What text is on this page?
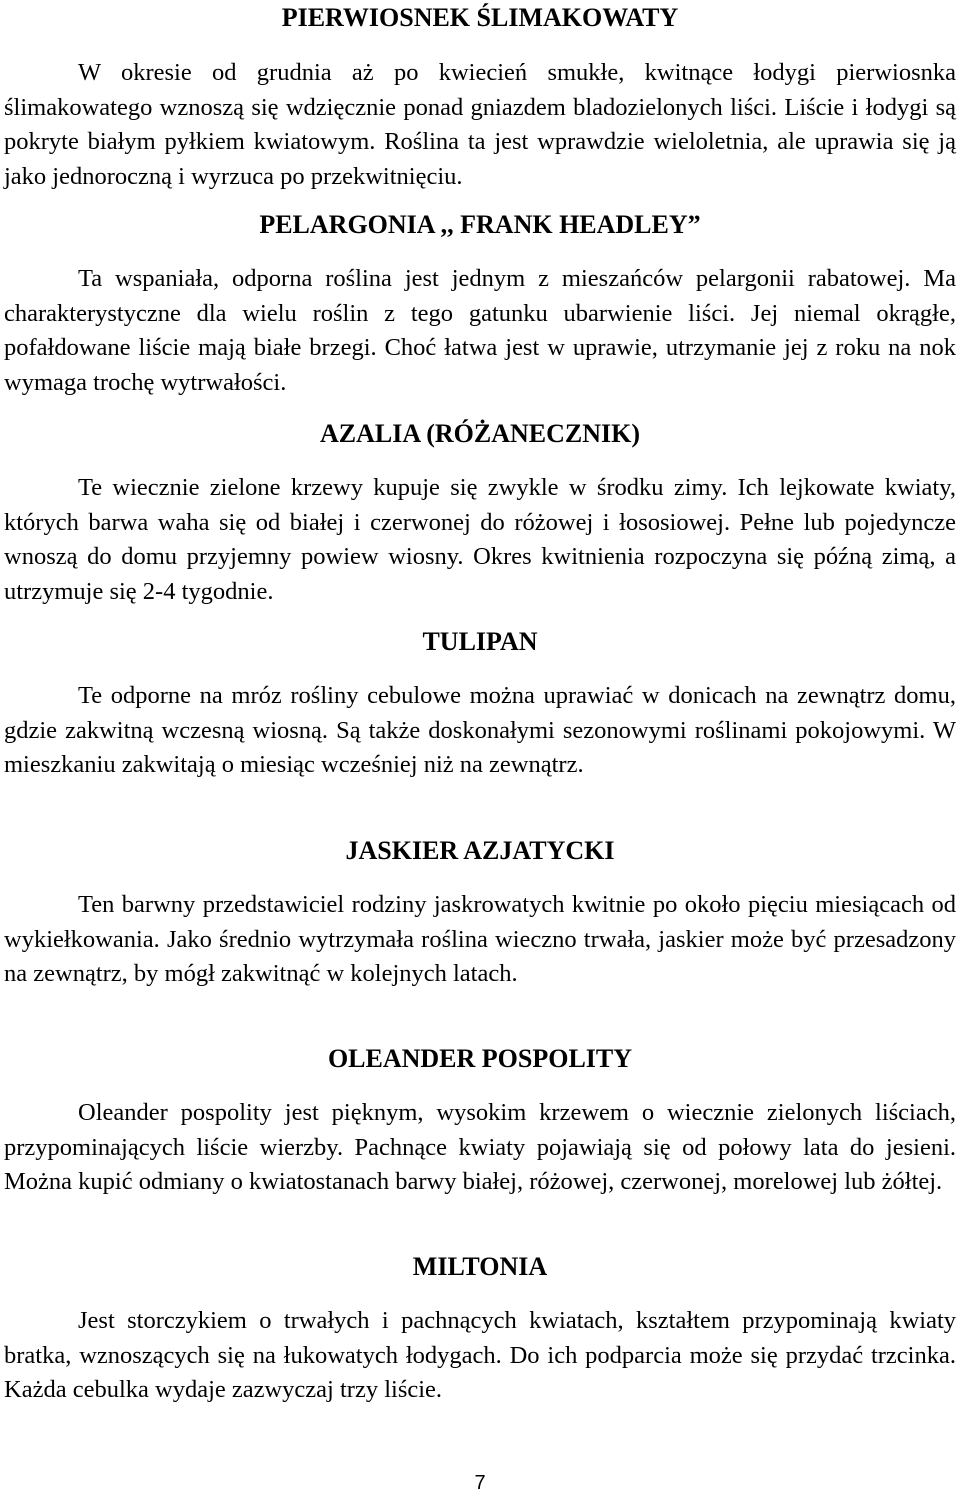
PIERWIOSNEK ŚLIMAKOWATY

W okresie od grudnia aż po kwiecień smukłe, kwitnące łodygi pierwiosnka ślimakowatego wznoszą się wdzięcznie ponad gniazdem bladozielonych liści. Liście i łodygi są pokryte białym pyłkiem kwiatowym. Roślina ta jest wprawdzie wieloletnia, ale uprawia się ją jako jednoroczną i wyrzuca po przekwitnięciu.

PELARGONIA ,, FRANK HEADLEY”

Ta wspaniała, odporna roślina jest jednym z mieszańców pelargonii rabatowej. Ma charakterystyczne dla wielu roślin z tego gatunku ubarwienie liści. Jej niemal okrągłe, pofałdowane liście mają białe brzegi. Choć łatwa jest w uprawie, utrzymanie jej z roku na nok wymaga trochę wytrwałości.

AZALIA (RÓŻANECZNIK)

Te wiecznie zielone krzewy kupuje się zwykle w środku zimy. Ich lejkowate kwiaty, których barwa waha się od białej i czerwonej do różowej i łososiowej. Pełne lub pojedyncze wnoszą do domu przyjemny powiew wiosny. Okres kwitnienia rozpoczyna się późną zimą, a utrzymuje się 2-4 tygodnie.

TULIPAN

Te odporne na mróz rośliny cebulowe można uprawiać w donicach na zewnątrz domu, gdzie zakwitną wczesną wiosną. Są także doskonałymi sezonowymi roślinami pokojowymi. W mieszkaniu zakwitają o miesiąc wcześniej niż na zewnątrz.

JASKIER AZJATYCKI

Ten barwny przedstawiciel rodziny jaskrowatych kwitnie po około pięciu miesiącach od wykiełkowania. Jako średnio wytrzymała roślina wieczno trwała, jaskier może być przesadzony na zewnątrz, by mógł zakwitnąć w kolejnych latach.

OLEANDER POSPOLITY

Oleander pospolity jest pięknym, wysokim krzewem o wiecznie zielonych liściach, przypominających liście wierzby. Pachnące kwiaty pojawiają się od połowy lata do jesieni. Można kupić odmiany o kwiatostanach barwy białej, różowej, czerwonej, morelowej lub żółtej.

MILTONIA

Jest storczykiem o trwałych i pachnących kwiatach, kształtem przypominają kwiaty bratka, wznoszących się na łukowatych łodygach. Do ich podparcia może się przydać trzcinka. Każda cebulka wydaje zazwyczaj trzy liście.

7
